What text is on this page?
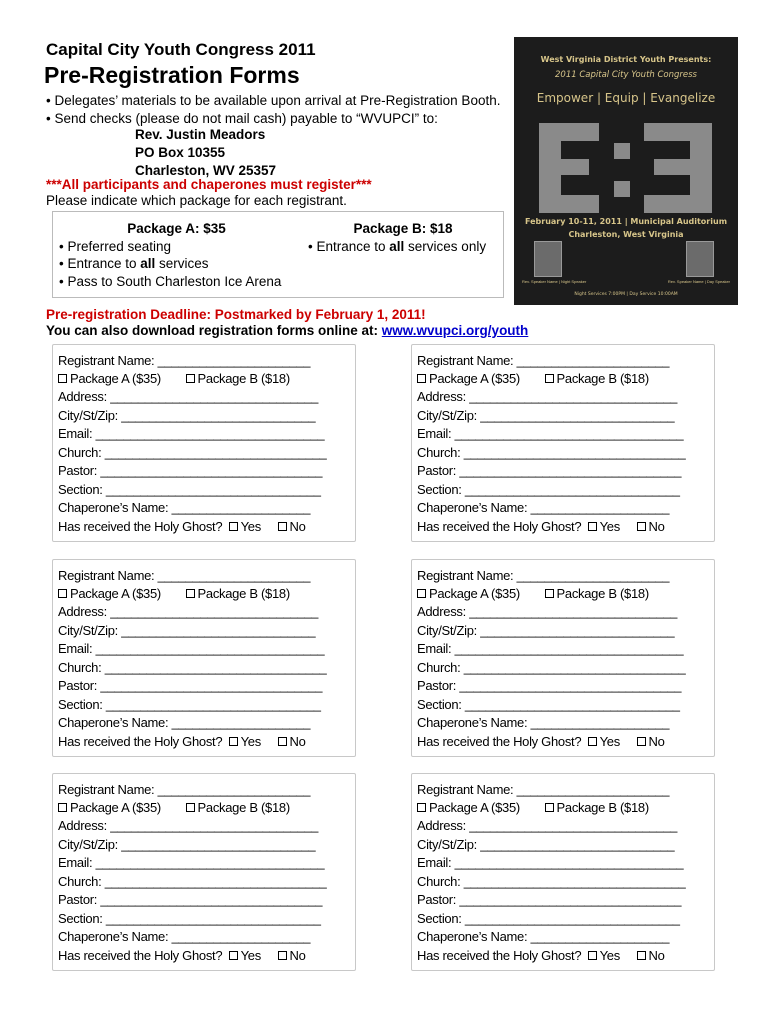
Capital City Youth Congress 2011
Pre-Registration Forms
• Delegates’ materials to be available upon arrival at Pre-Registration Booth.
• Send checks (please do not mail cash) payable to “WVUPCI” to:
Rev. Justin Meadors
PO Box 10355
Charleston, WV 25357
***All participants and chaperones must register***
Please indicate which package for each registrant.
Package A: $35
• Preferred seating
• Entrance to all services
• Pass to South Charleston Ice Arena
Package B: $18
• Entrance to all services only
West Virginia District Youth Presents:
2011 Capital City Youth Congress
Empower | Equip | Evangelize
February 10-11, 2011 | Municipal Auditorium
Charleston, West Virginia
Rev. Speaker Name | Night Speaker	Rev. Speaker Name | Day Speaker
Night Services 7:00PM | Day Service 10:00AM
Pre-registration Deadline: Postmarked by February 1, 2011!
You can also download registration forms online at: www.wvupci.org/youth
Registrant Name: ______________________
Package A ($35)	Package B ($18)
Address: ______________________________
City/St/Zip: ____________________________
Email: _________________________________
Church: ________________________________
Pastor: ________________________________
Section: _______________________________
Chaperone’s Name: ____________________
Has received the Holy Ghost? Yes No
Registrant Name: ______________________
Package A ($35)	Package B ($18)
Address: ______________________________
City/St/Zip: ____________________________
Email: _________________________________
Church: ________________________________
Pastor: ________________________________
Section: _______________________________
Chaperone’s Name: ____________________
Has received the Holy Ghost? Yes No
Registrant Name: ______________________
Package A ($35)	Package B ($18)
Address: ______________________________
City/St/Zip: ____________________________
Email: _________________________________
Church: ________________________________
Pastor: ________________________________
Section: _______________________________
Chaperone’s Name: ____________________
Has received the Holy Ghost? Yes No
Registrant Name: ______________________
Package A ($35)	Package B ($18)
Address: ______________________________
City/St/Zip: ____________________________
Email: _________________________________
Church: ________________________________
Pastor: ________________________________
Section: _______________________________
Chaperone’s Name: ____________________
Has received the Holy Ghost? Yes No
Registrant Name: ______________________
Package A ($35)	Package B ($18)
Address: ______________________________
City/St/Zip: ____________________________
Email: _________________________________
Church: ________________________________
Pastor: ________________________________
Section: _______________________________
Chaperone’s Name: ____________________
Has received the Holy Ghost? Yes No
Registrant Name: ______________________
Package A ($35)	Package B ($18)
Address: ______________________________
City/St/Zip: ____________________________
Email: _________________________________
Church: ________________________________
Pastor: ________________________________
Section: _______________________________
Chaperone’s Name: ____________________
Has received the Holy Ghost? Yes No
